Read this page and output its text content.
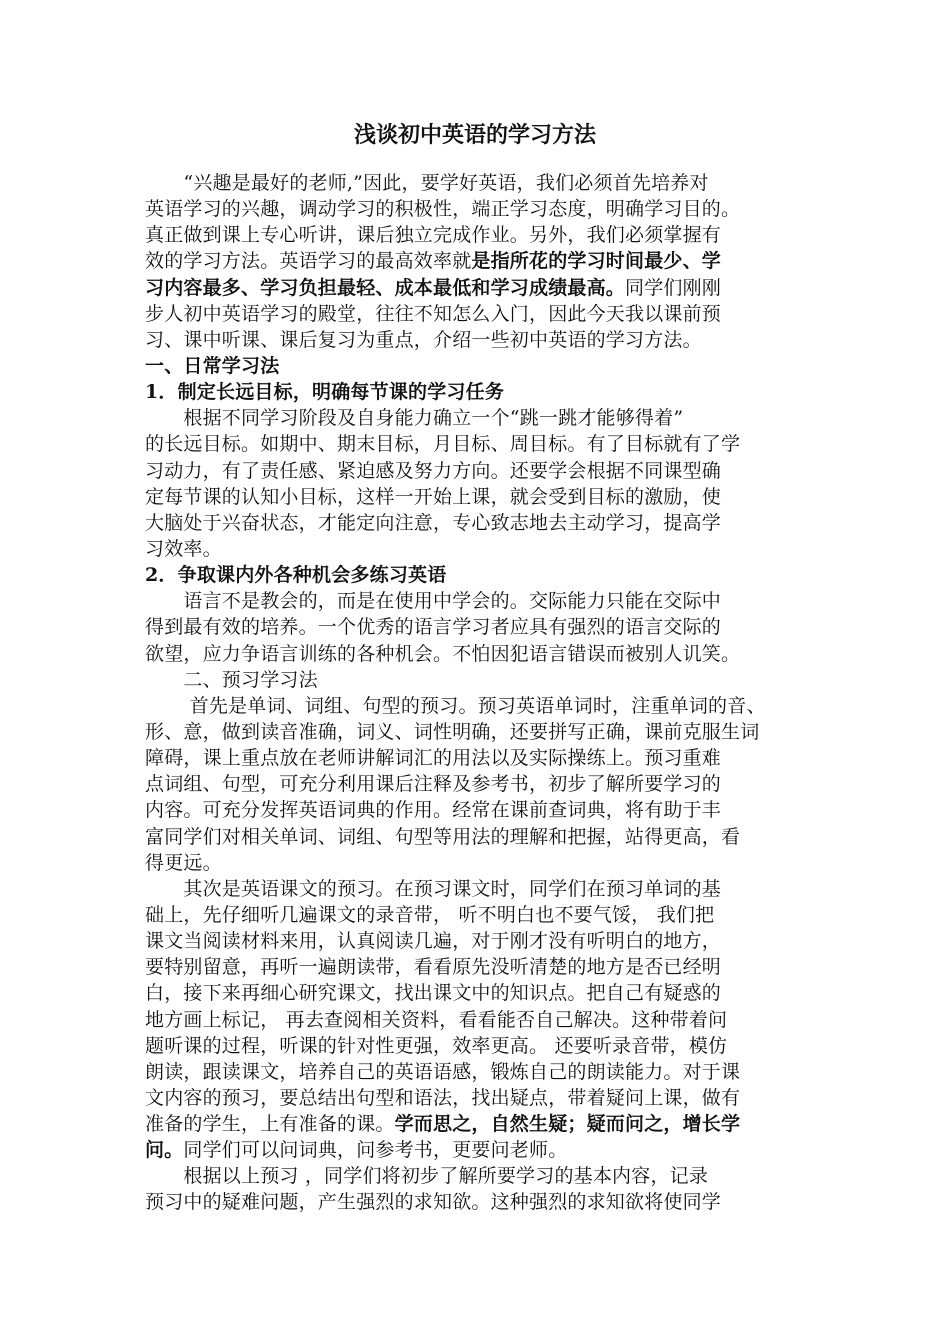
浅谈初中英语的学习方法
　　“兴趣是最好的老师,”因此，要学好英语，我们必须首先培养对
英语学习的兴趣，调动学习的积极性，端正学习态度，明确学习目的。
真正做到课上专心听讲，课后独立完成作业。另外，我们必须掌握有
效的学习方法。英语学习的最高效率就是指所花的学习时间最少、学
习内容最多、学习负担最轻、成本最低和学习成绩最高。同学们刚刚
步人初中英语学习的殿堂，往往不知怎么入门，因此今天我以课前预
习、课中听课、课后复习为重点，介绍一些初中英语的学习方法。
一、日常学习法
1．制定长远目标，明确每节课的学习任务
　　根据不同学习阶段及自身能力确立一个“跳一跳才能够得着”
的长远目标。如期中、期末目标，月目标、周目标。有了目标就有了学
习动力，有了责任感、紧迫感及努力方向。还要学会根据不同课型确
定每节课的认知小目标，这样一开始上课，就会受到目标的激励，使
大脑处于兴奋状态，才能定向注意，专心致志地去主动学习，提高学
习效率。
2．争取课内外各种机会多练习英语
　　语言不是教会的，而是在使用中学会的。交际能力只能在交际中
得到最有效的培养。一个优秀的语言学习者应具有强烈的语言交际的
欲望，应力争语言训练的各种机会。不怕因犯语言错误而被别人讥笑。
　　二、预习学习法
　　 首先是单词、词组、句型的预习。预习英语单词时，注重单词的音、
形、意，做到读音准确，词义、词性明确，还要拼写正确，课前克服生词
障碍，课上重点放在老师讲解词汇的用法以及实际操练上。预习重难
点词组、句型，可充分利用课后注释及参考书，初步了解所要学习的
内容。可充分发挥英语词典的作用。经常在课前查词典，将有助于丰
富同学们对相关单词、词组、句型等用法的理解和把握，站得更高，看
得更远。
　　其次是英语课文的预习。在预习课文时，同学们在预习单词的基
础上，先仔细听几遍课文的录音带， 听不明白也不要气馁， 我们把
课文当阅读材料来用，认真阅读几遍，对于刚才没有听明白的地方，
要特别留意，再听一遍朗读带，看看原先没听清楚的地方是否已经明
白，接下来再细心研究课文，找出课文中的知识点。把自己有疑惑的
地方画上标记， 再去查阅相关资料，看看能否自己解决。这种带着问
题听课的过程，听课的针对性更强，效率更高。 还要听录音带，模仿
朗读，跟读课文，培养自己的英语语感，锻炼自己的朗读能力。对于课
文内容的预习，要总结出句型和语法，找出疑点，带着疑问上课，做有
准备的学生，上有准备的课。学而思之，自然生疑；疑而问之，增长学
问。同学们可以问词典，问参考书，更要问老师。
　　根据以上预习 ，同学们将初步了解所要学习的基本内容，记录
预习中的疑难问题，产生强烈的求知欲。这种强烈的求知欲将使同学
